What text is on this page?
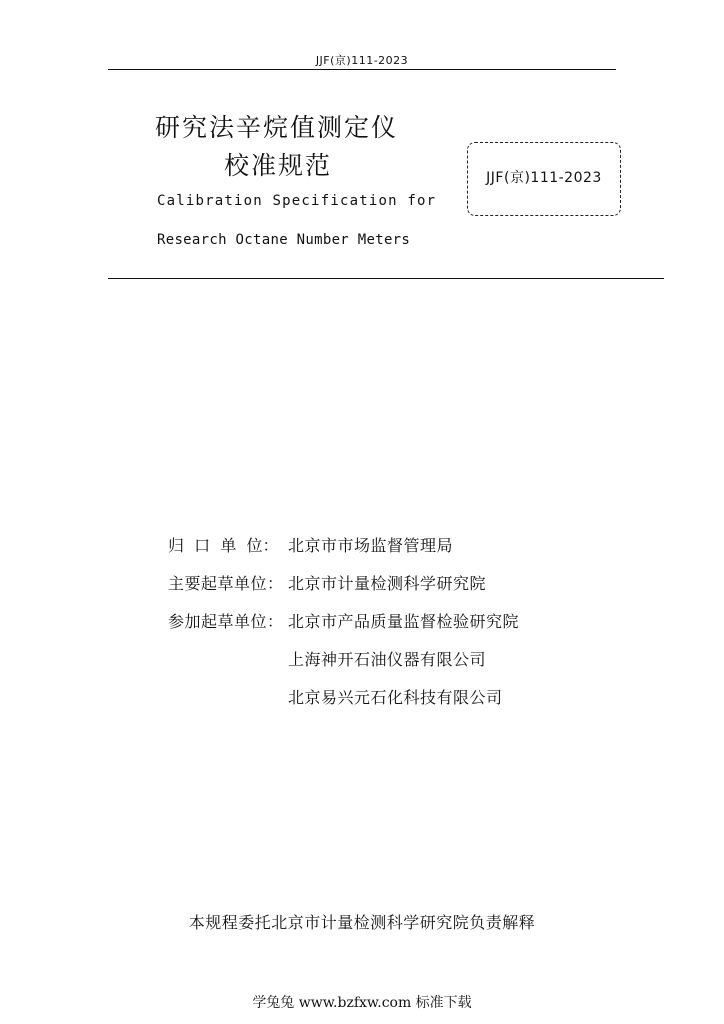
JJF(京)111-2023
研究法辛烷值测定仪
校准规范
Calibration Specification for
Research Octane Number Meters
JJF(京)111-2023
归  口  单  位： 北京市市场监督管理局
主要起草单位： 北京市计量检测科学研究院
参加起草单位： 北京市产品质量监督检验研究院
上海神开石油仪器有限公司
北京易兴元石化科技有限公司
本规程委托北京市计量检测科学研究院负责解释
学兔兔 www.bzfxw.com 标准下载
